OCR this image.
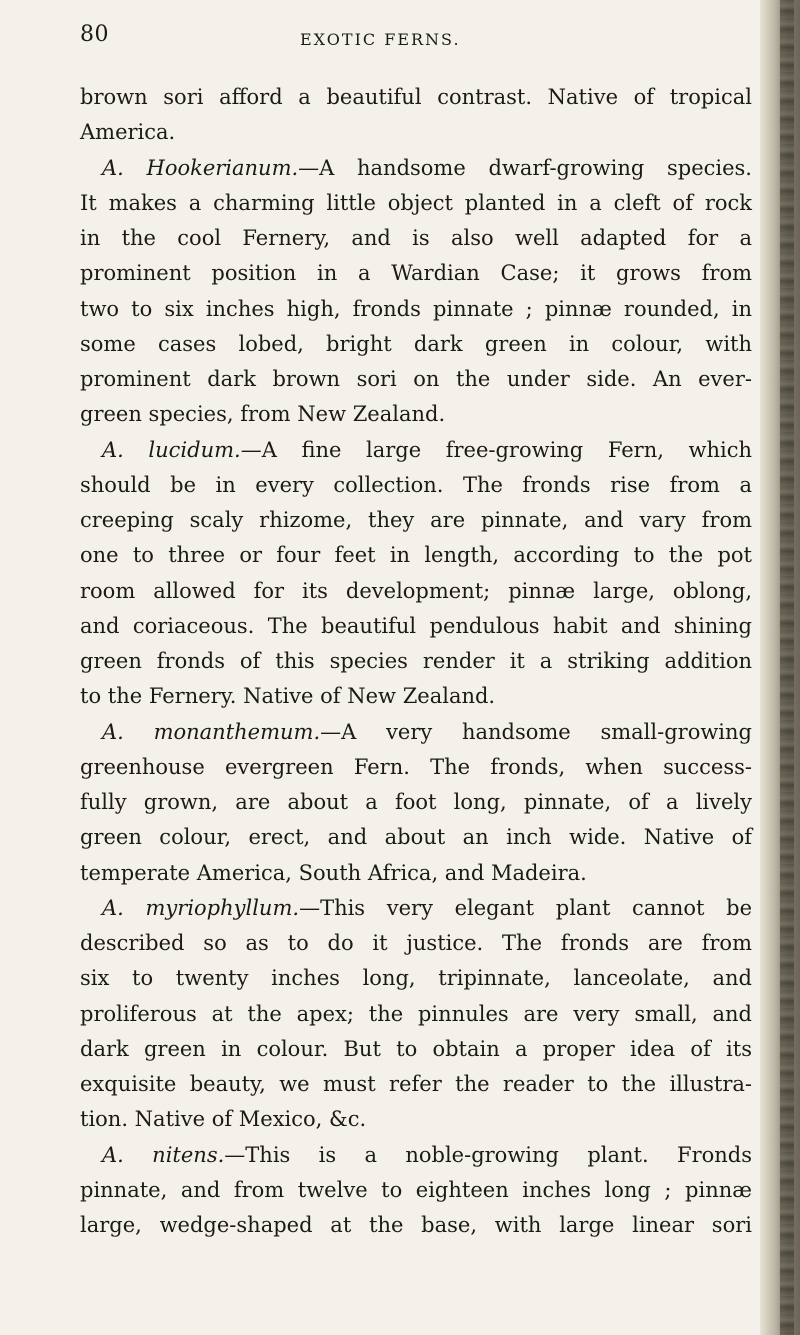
80	EXOTIC FERNS.
brown sori afford a beautiful contrast. Native of tropical
America.
A. Hookerianum.—A handsome dwarf-growing species.
It makes a charming little object planted in a cleft of rock
in the cool Fernery, and is also well adapted for a
prominent position in a Wardian Case; it grows from
two to six inches high, fronds pinnate ; pinnæ rounded, in
some cases lobed, bright dark green in colour, with
prominent dark brown sori on the under side. An ever-
green species, from New Zealand.
A. lucidum.—A fine large free-growing Fern, which
should be in every collection. The fronds rise from a
creeping scaly rhizome, they are pinnate, and vary from
one to three or four feet in length, according to the pot
room allowed for its development; pinnæ large, oblong,
and coriaceous. The beautiful pendulous habit and shining
green fronds of this species render it a striking addition
to the Fernery. Native of New Zealand.
A. monanthemum.—A very handsome small-growing
greenhouse evergreen Fern. The fronds, when success-
fully grown, are about a foot long, pinnate, of a lively
green colour, erect, and about an inch wide. Native of
temperate America, South Africa, and Madeira.
A. myriophyllum.—This very elegant plant cannot be
described so as to do it justice. The fronds are from
six to twenty inches long, tripinnate, lanceolate, and
proliferous at the apex; the pinnules are very small, and
dark green in colour. But to obtain a proper idea of its
exquisite beauty, we must refer the reader to the illustra-
tion. Native of Mexico, &c.
A. nitens.—This is a noble-growing plant. Fronds
pinnate, and from twelve to eighteen inches long ; pinnæ
large, wedge-shaped at the base, with large linear sori
